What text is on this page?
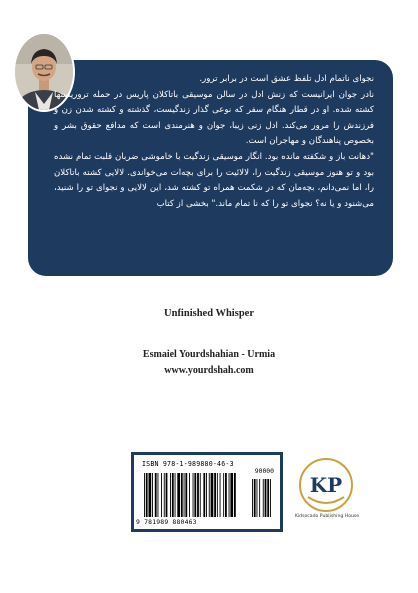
نجوای ناتمام ادل تلفظ عشق است در برابر ترور.

نادر جوان ایرانیست که زنش ادل در سالن موسیقی باتاکلان پاریس در حمله تروریستها کشته شده. او در قطار هنگام سفر که نوعی گذار زندگیست، گذشته و کشته شدن زن و فرزندش را مرور می‌کند. ادل زنی زیبا، جوان و هنرمندی است که مدافع حقوق بشر و بخصوص پناهندگان و مهاجران است.

"دهانت باز و شکفته مانده بود. انگار موسیقی زندگیت با خاموشی ضربان قلبت تمام نشده بود و تو هنوز موسیقی زندگیت را، لالائیت را برای بچه‌ات می‌خواندی. لالایی کشته باتاکلان را، اما نمی‌دانم، بچه‌مان که در شکمت همراه تو کشته شد، این لالایی و نجوای تو را شنید، می‌شنود و یا نه؟ نجوای تو را که نا تمام ماند." بخشی از کتاب

Unfinished Whisper
Esmaiel Yourdshahian - Urmia
www.yourdshah.com
ISBN 978-1-989880-46-3
9 781989 880463
90000
KP
Kidsocado Publishing House
